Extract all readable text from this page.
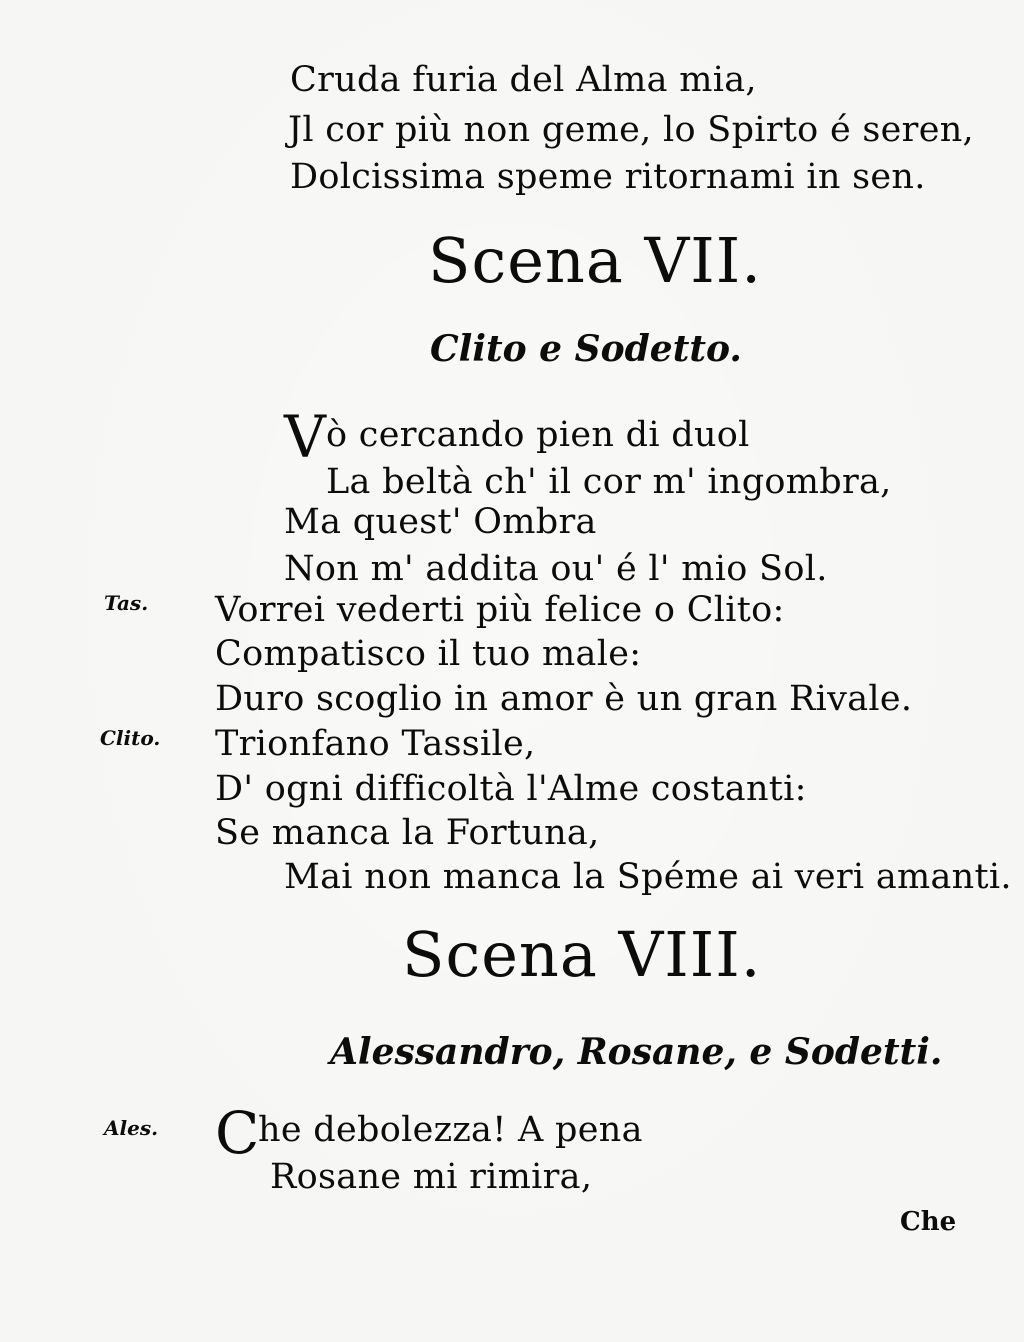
Cruda furia del Alma mia,
Jl cor più non geme, lo Spirto é seren,
Dolcissima speme ritornami in sen.
Scena VII.
Clito e Sodetto.
V ò cercando pien di duol
La beltà ch' il cor m' ingombra,
Ma quest' Ombra
Non m' addita ou' é l' mio Sol.
Tas. Vorrei vederti più felice o Clito:
Compatisco il tuo male:
Duro scoglio in amor è un gran Rivale.
Clito. Trionfano Tassile,
D' ogni difficoltà l'Alme costanti:
Se manca la Fortuna,
Mai non manca la Spéme ai veri amanti.
Scena VIII.
Alessandro, Rosane, e Sodetti.
Ales. C
he debolezza! A pena
Rosane mi rimira,
Che
